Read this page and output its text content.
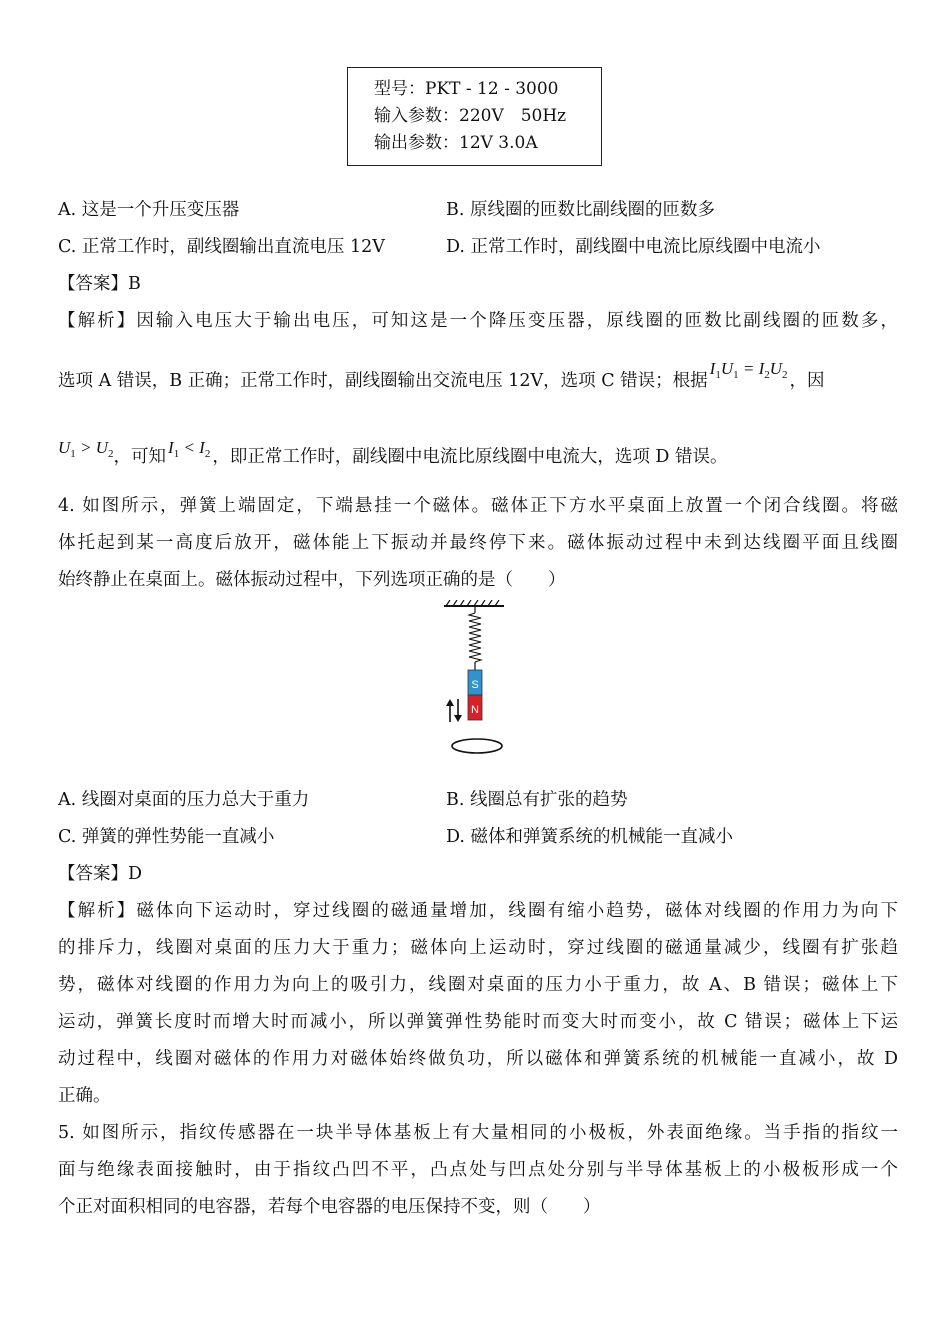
型号：PKT - 12 - 3000
输入参数：220V　50Hz
输出参数：12V 3.0A
A. 这是一个升压变压器	B. 原线圈的匝数比副线圈的匝数多
C. 正常工作时，副线圈输出直流电压 12V	D. 正常工作时，副线圈中电流比原线圈中电流小
【答案】B
【解析】因输入电压大于输出电压，可知这是一个降压变压器，原线圈的匝数比副线圈的匝数多，
选项 A 错误，B 正确；正常工作时，副线圈输出交流电压 12V，选项 C 错误；根据$I_1U_1 = I_2U_2$ ，因
$U_1 > U_2$，可知 $I_1 < I_2$ ，即正常工作时，副线圈中电流比原线圈中电流大，选项 D 错误。
4. 如图所示，弹簧上端固定，下端悬挂一个磁体。磁体正下方水平桌面上放置一个闭合线圈。将磁
体托起到某一高度后放开，磁体能上下振动并最终停下来。磁体振动过程中未到达线圈平面且线圈
始终静止在桌面上。磁体振动过程中，下列选项正确的是（　　）
S
N
A. 线圈对桌面的压力总大于重力	B. 线圈总有扩张的趋势
C. 弹簧的弹性势能一直减小	D. 磁体和弹簧系统的机械能一直减小
【答案】D
【解析】磁体向下运动时，穿过线圈的磁通量增加，线圈有缩小趋势，磁体对线圈的作用力为向下
的排斥力，线圈对桌面的压力大于重力；磁体向上运动时，穿过线圈的磁通量减少，线圈有扩张趋
势，磁体对线圈的作用力为向上的吸引力，线圈对桌面的压力小于重力，故 A、B 错误；磁体上下
运动，弹簧长度时而增大时而减小，所以弹簧弹性势能时而变大时而变小，故 C 错误；磁体上下运
动过程中，线圈对磁体的作用力对磁体始终做负功，所以磁体和弹簧系统的机械能一直减小，故 D
正确。
5. 如图所示，指纹传感器在一块半导体基板上有大量相同的小极板，外表面绝缘。当手指的指纹一
面与绝缘表面接触时，由于指纹凸凹不平，凸点处与凹点处分别与半导体基板上的小极板形成一个
个正对面积相同的电容器，若每个电容器的电压保持不变，则（　　）
